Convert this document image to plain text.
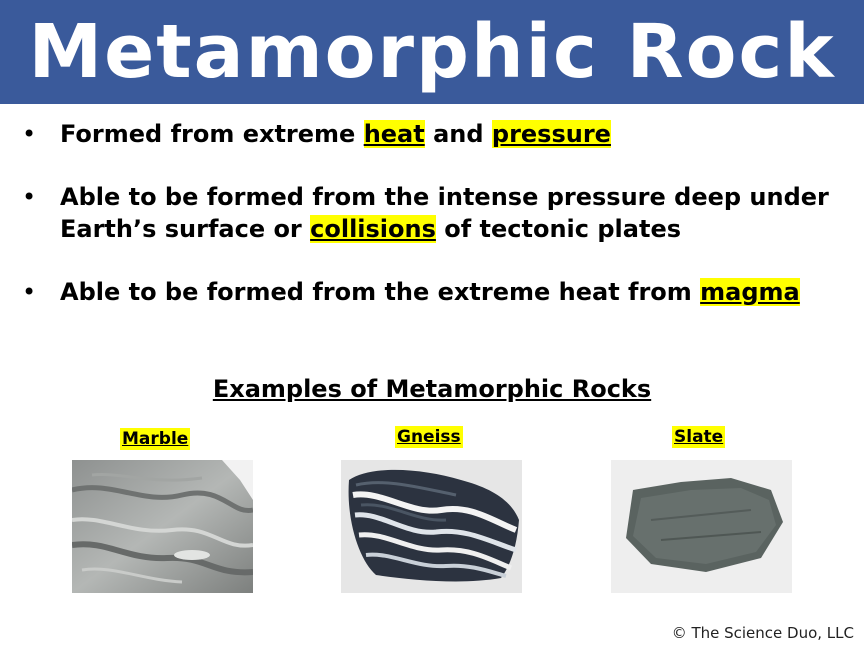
Metamorphic Rock
• Formed from extreme heat and pressure
• Able to be formed from the intense pressure deep under Earth’s surface or collisions of tectonic plates
• Able to be formed from the extreme heat from magma
Examples of Metamorphic Rocks
Marble	Gneiss	Slate
© The Science Duo, LLC
